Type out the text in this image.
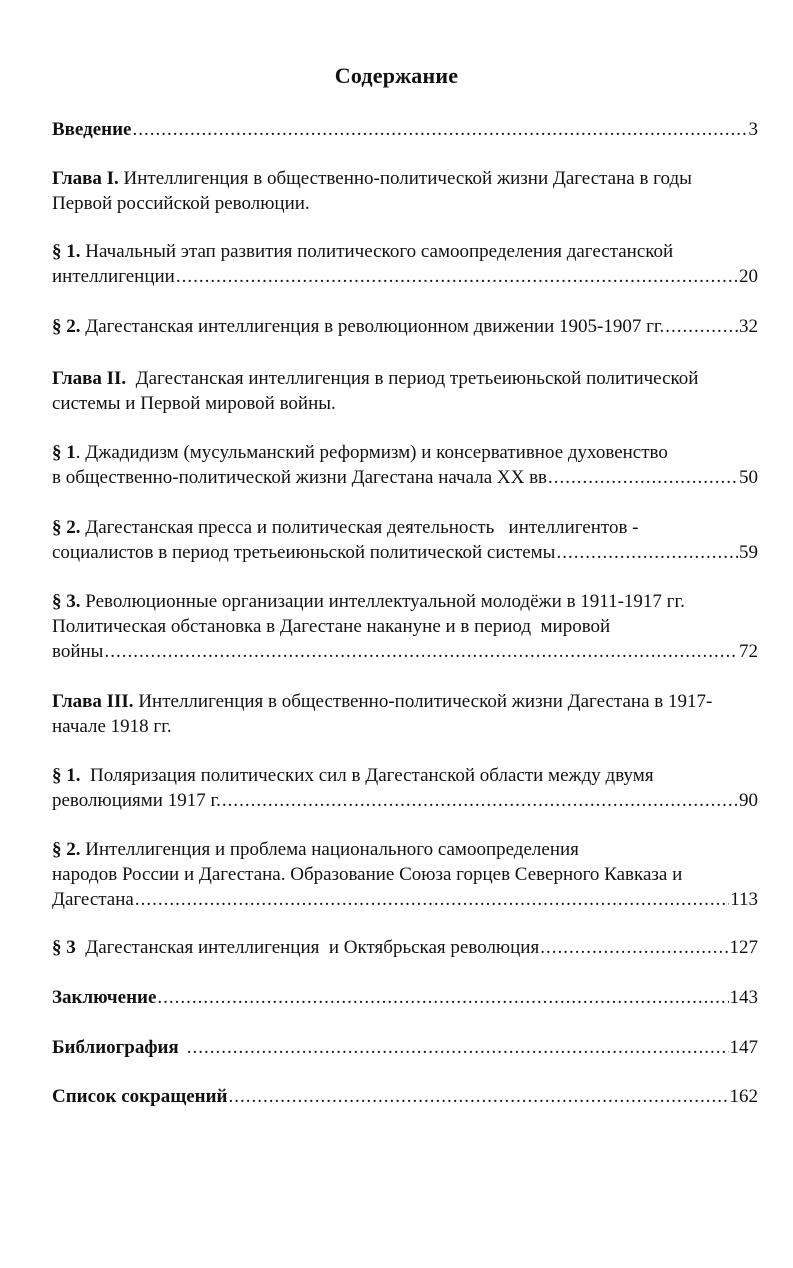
Содержание
Введение .....	3
Глава I. Интеллигенция в общественно-политической жизни Дагестана в годы
Первой российской революции.
§ 1. Начальный этап развития политического самоопределения дагестанской
интеллигенции .....	20
§ 2.
Дагестанская интеллигенция в революционном движении 1905-1907 гг. .....	32
Глава II. Дагестанская интеллигенция в период третьеиюньской политической
системы и Первой мировой войны.
§ 1. Джадидизм (мусульманский реформизм) и консервативное духовенство
в общественно-политической жизни Дагестана начала XX вв .....	50
§ 2. Дагестанская пресса и политическая деятельность   интеллигентов -
социалистов в период третьеиюньской политической системы .....	59
§ 3. Революционные организации интеллектуальной молодёжи в 1911-1917 гг.
Политическая обстановка в Дагестане накануне и в период  мировой
войны .....	72
Глава III. Интеллигенция в общественно-политической жизни Дагестана в 1917-
начале 1918 гг.
§ 1. Поляризация политических сил в Дагестанской области между двумя
революциями 1917 г. .....	90
§ 2. Интеллигенция и проблема национального самоопределения
народов России и Дагестана. Образование Союза горцев Северного Кавказа и
Дагестана .....	113
§ 3
Дагестанская интеллигенция  и Октябрьская революция .....	127
Заключение .....	143
Библиография .....	147
Список сокращений .....	162
